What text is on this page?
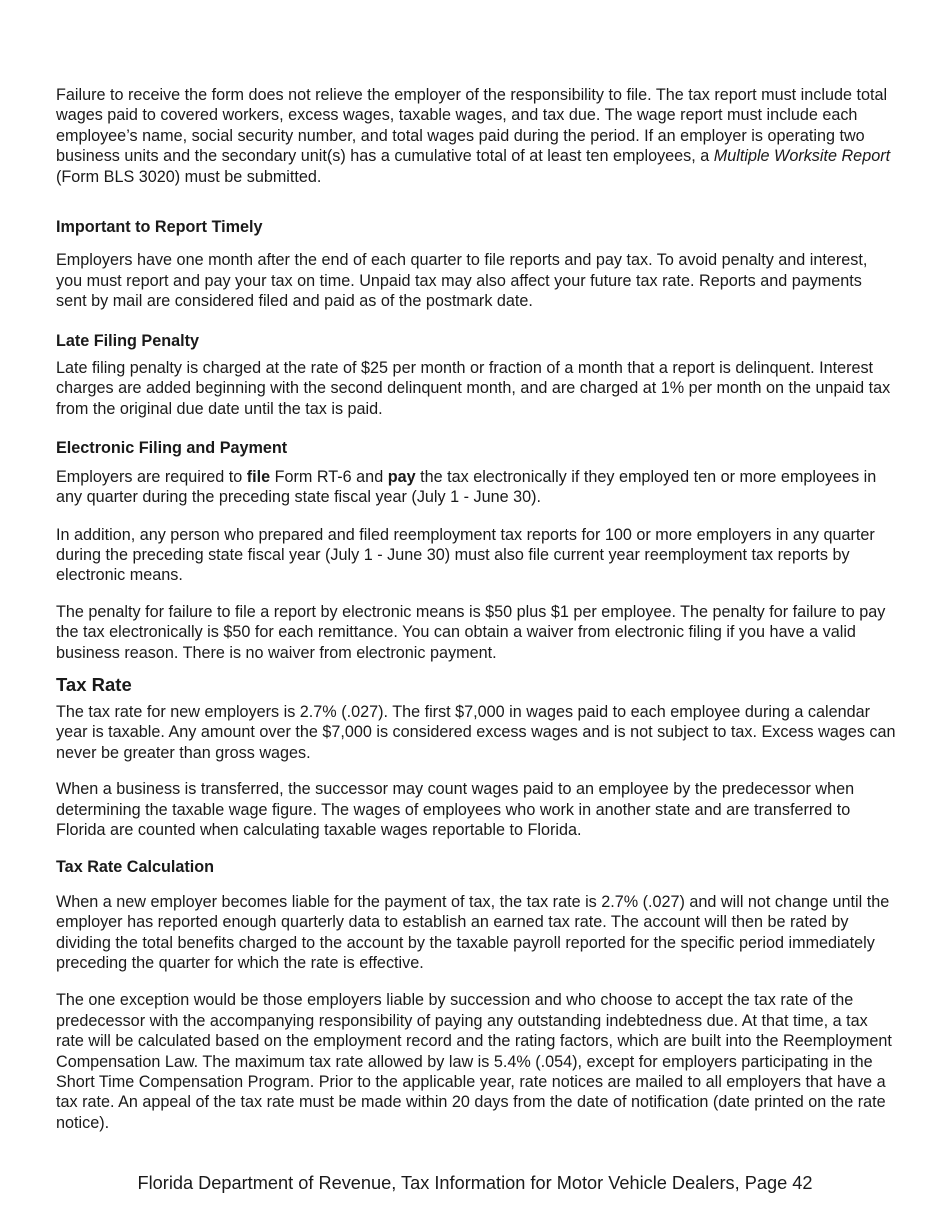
Failure to receive the form does not relieve the employer of the responsibility to file. The tax report must include total wages paid to covered workers, excess wages, taxable wages, and tax due. The wage report must include each employee’s name, social security number, and total wages paid during the period. If an employer is operating two business units and the secondary unit(s) has a cumulative total of at least ten employees, a Multiple Worksite Report (Form BLS 3020) must be submitted.

Important to Report Timely

Employers have one month after the end of each quarter to file reports and pay tax. To avoid penalty and interest, you must report and pay your tax on time. Unpaid tax may also affect your future tax rate. Reports and payments sent by mail are considered filed and paid as of the postmark date.

Late Filing Penalty

Late filing penalty is charged at the rate of $25 per month or fraction of a month that a report is delinquent. Interest charges are added beginning with the second delinquent month, and are charged at 1% per month on the unpaid tax from the original due date until the tax is paid.

Electronic Filing and Payment

Employers are required to file Form RT-6 and pay the tax electronically if they employed ten or more employees in any quarter during the preceding state fiscal year (July 1 - June 30).

In addition, any person who prepared and filed reemployment tax reports for 100 or more employers in any quarter during the preceding state fiscal year (July 1 - June 30) must also file current year reemployment tax reports by electronic means.

The penalty for failure to file a report by electronic means is $50 plus $1 per employee. The penalty for failure to pay the tax electronically is $50 for each remittance. You can obtain a waiver from electronic filing if you have a valid business reason. There is no waiver from electronic payment.

Tax Rate

The tax rate for new employers is 2.7% (.027). The first $7,000 in wages paid to each employee during a calendar year is taxable. Any amount over the $7,000 is considered excess wages and is not subject to tax. Excess wages can never be greater than gross wages.

When a business is transferred, the successor may count wages paid to an employee by the predecessor when determining the taxable wage figure. The wages of employees who work in another state and are transferred to Florida are counted when calculating taxable wages reportable to Florida.

Tax Rate Calculation

When a new employer becomes liable for the payment of tax, the tax rate is 2.7% (.027) and will not change until the employer has reported enough quarterly data to establish an earned tax rate. The account will then be rated by dividing the total benefits charged to the account by the taxable payroll reported for the specific period immediately preceding the quarter for which the rate is effective.

The one exception would be those employers liable by succession and who choose to accept the tax rate of the predecessor with the accompanying responsibility of paying any outstanding indebtedness due. At that time, a tax rate will be calculated based on the employment record and the rating factors, which are built into the Reemployment Compensation Law. The maximum tax rate allowed by law is 5.4% (.054), except for employers participating in the Short Time Compensation Program. Prior to the applicable year, rate notices are mailed to all employers that have a tax rate. An appeal of the tax rate must be made within 20 days from the date of notification (date printed on the rate notice).

Florida Department of Revenue, Tax Information for Motor Vehicle Dealers, Page 42
